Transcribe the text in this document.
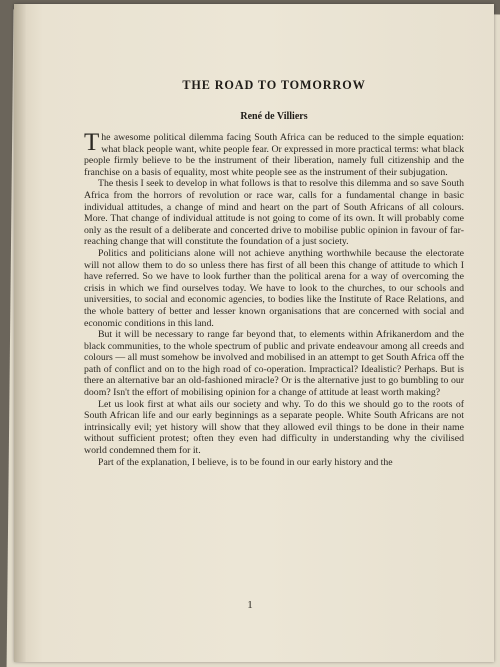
THE ROAD TO TOMORROW
René de Villiers

The awesome political dilemma facing South Africa can be reduced to the simple equation: what black people want, white people fear. Or expressed in more practical terms: what black people firmly believe to be the instrument of their liberation, namely full citizenship and the franchise on a basis of equality, most white people see as the instrument of their subjugation.

The thesis I seek to develop in what follows is that to resolve this dilemma and so save South Africa from the horrors of revolution or race war, calls for a fundamental change in basic individual attitudes, a change of mind and heart on the part of South Africans of all colours. More. That change of individual attitude is not going to come of its own. It will probably come only as the result of a deliberate and concerted drive to mobilise public opinion in favour of far-reaching change that will constitute the foundation of a just society.

Politics and politicians alone will not achieve anything worthwhile because the electorate will not allow them to do so unless there has first of all been this change of attitude to which I have referred. So we have to look further than the political arena for a way of overcoming the crisis in which we find ourselves today. We have to look to the churches, to our schools and universities, to social and economic agencies, to bodies like the Institute of Race Relations, and the whole battery of better and lesser known organisations that are concerned with social and economic conditions in this land.

But it will be necessary to range far beyond that, to elements within Afrikanerdom and the black communities, to the whole spectrum of public and private endeavour among all creeds and colours — all must somehow be involved and mobilised in an attempt to get South Africa off the path of conflict and on to the high road of co-operation. Impractical? Idealistic? Perhaps. But is there an alternative bar an old-fashioned miracle? Or is the alternative just to go bumbling to our doom? Isn't the effort of mobilising opinion for a change of attitude at least worth making?

Let us look first at what ails our society and why. To do this we should go to the roots of South African life and our early beginnings as a separate people. White South Africans are not intrinsically evil; yet history will show that they allowed evil things to be done in their name without sufficient protest; often they even had difficulty in understanding why the civilised world condemned them for it.

Part of the explanation, I believe, is to be found in our early history and the

1
